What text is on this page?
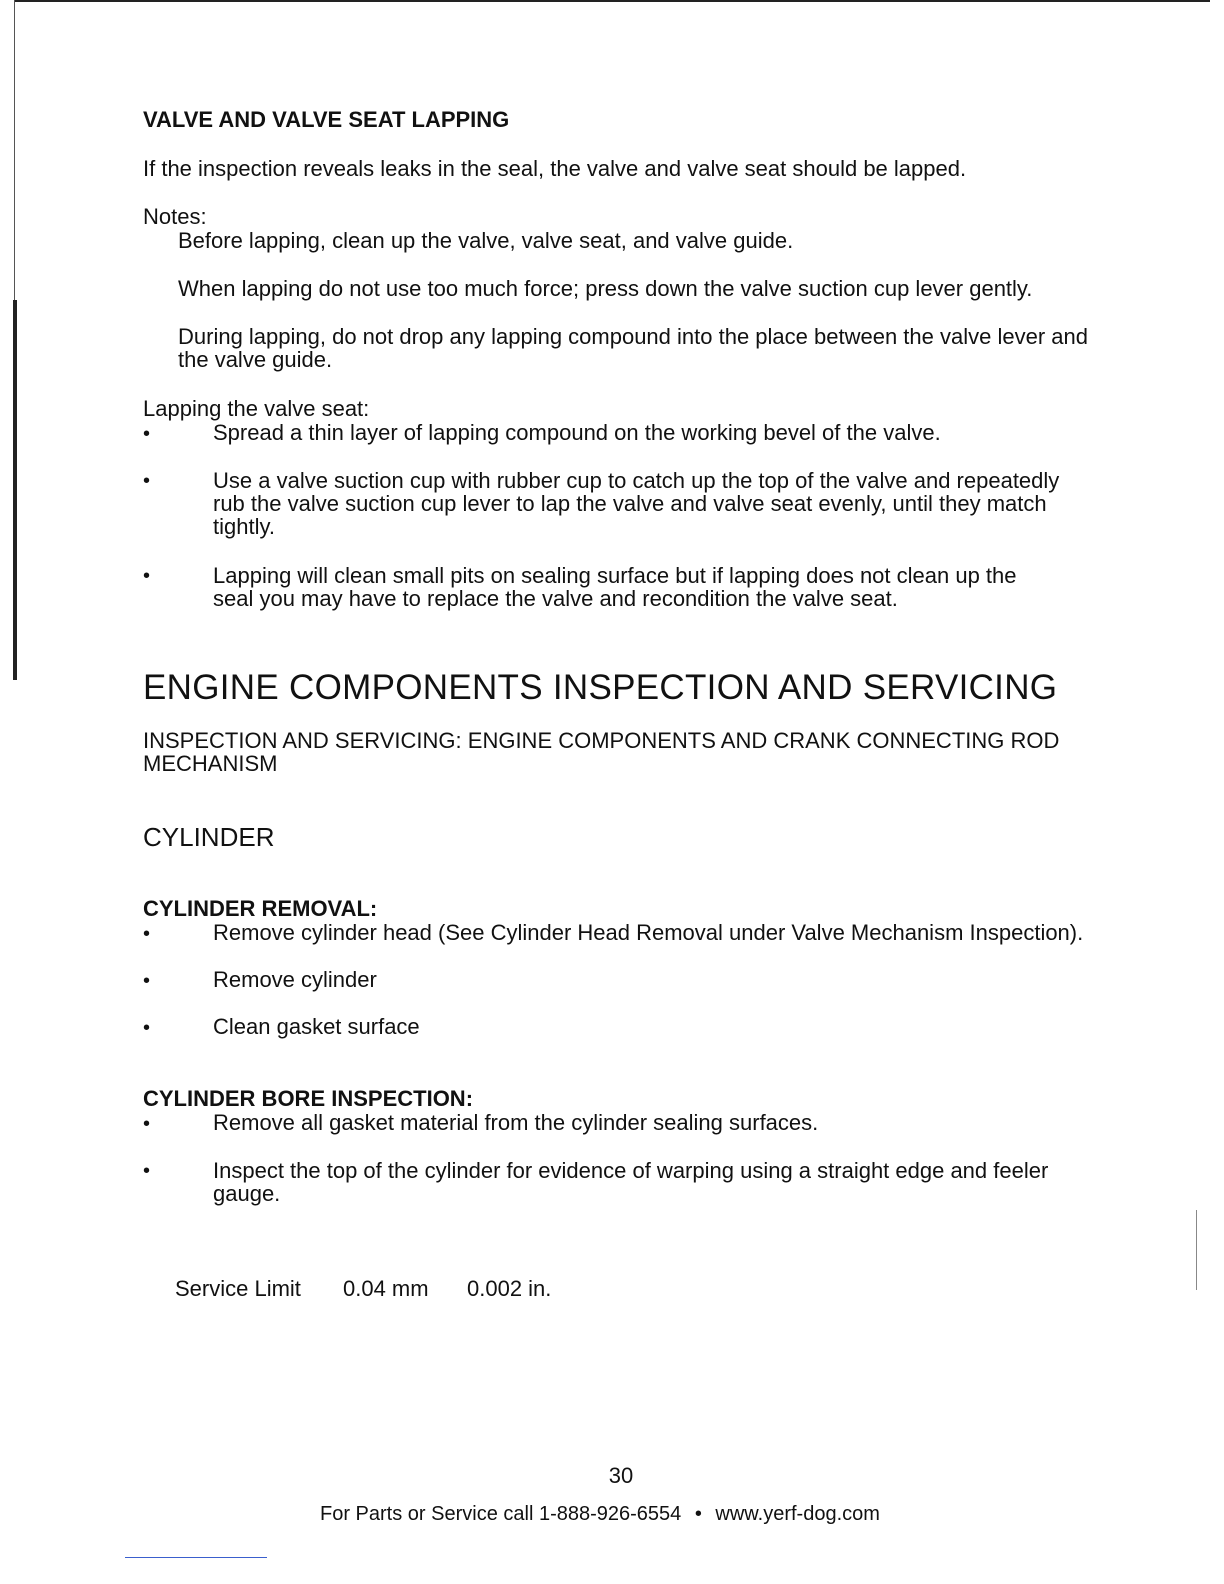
VALVE AND VALVE SEAT LAPPING
If the inspection reveals leaks in the seal, the valve and valve seat should be lapped.
Notes:
Before lapping, clean up the valve, valve seat, and valve guide.
When lapping do not use too much force; press down the valve suction cup lever gently.
During lapping, do not drop any lapping compound into the place between the valve lever and the valve guide.
Lapping the valve seat:
•	Spread a thin layer of lapping compound on the working bevel of the valve.
•	Use a valve suction cup with rubber cup to catch up the top of the valve and repeatedly rub the valve suction cup lever to lap the valve and valve seat evenly, until they match tightly.
•	Lapping will clean small pits on sealing surface but if lapping does not clean up the seal you may have to replace the valve and recondition the valve seat.
ENGINE COMPONENTS INSPECTION AND SERVICING
INSPECTION AND SERVICING: ENGINE COMPONENTS AND CRANK CONNECTING ROD MECHANISM
CYLINDER
CYLINDER REMOVAL:
•	Remove cylinder head (See Cylinder Head Removal under Valve Mechanism Inspection).
•	Remove cylinder
•	Clean gasket surface
CYLINDER BORE INSPECTION:
•	Remove all gasket material from the cylinder sealing surfaces.
•	Inspect the top of the cylinder for evidence of warping using a straight edge and feeler gauge.
Service Limit 0.04 mm 0.002 in.
30
For Parts or Service call 1-888-926-6554 • www.yerf-dog.com
